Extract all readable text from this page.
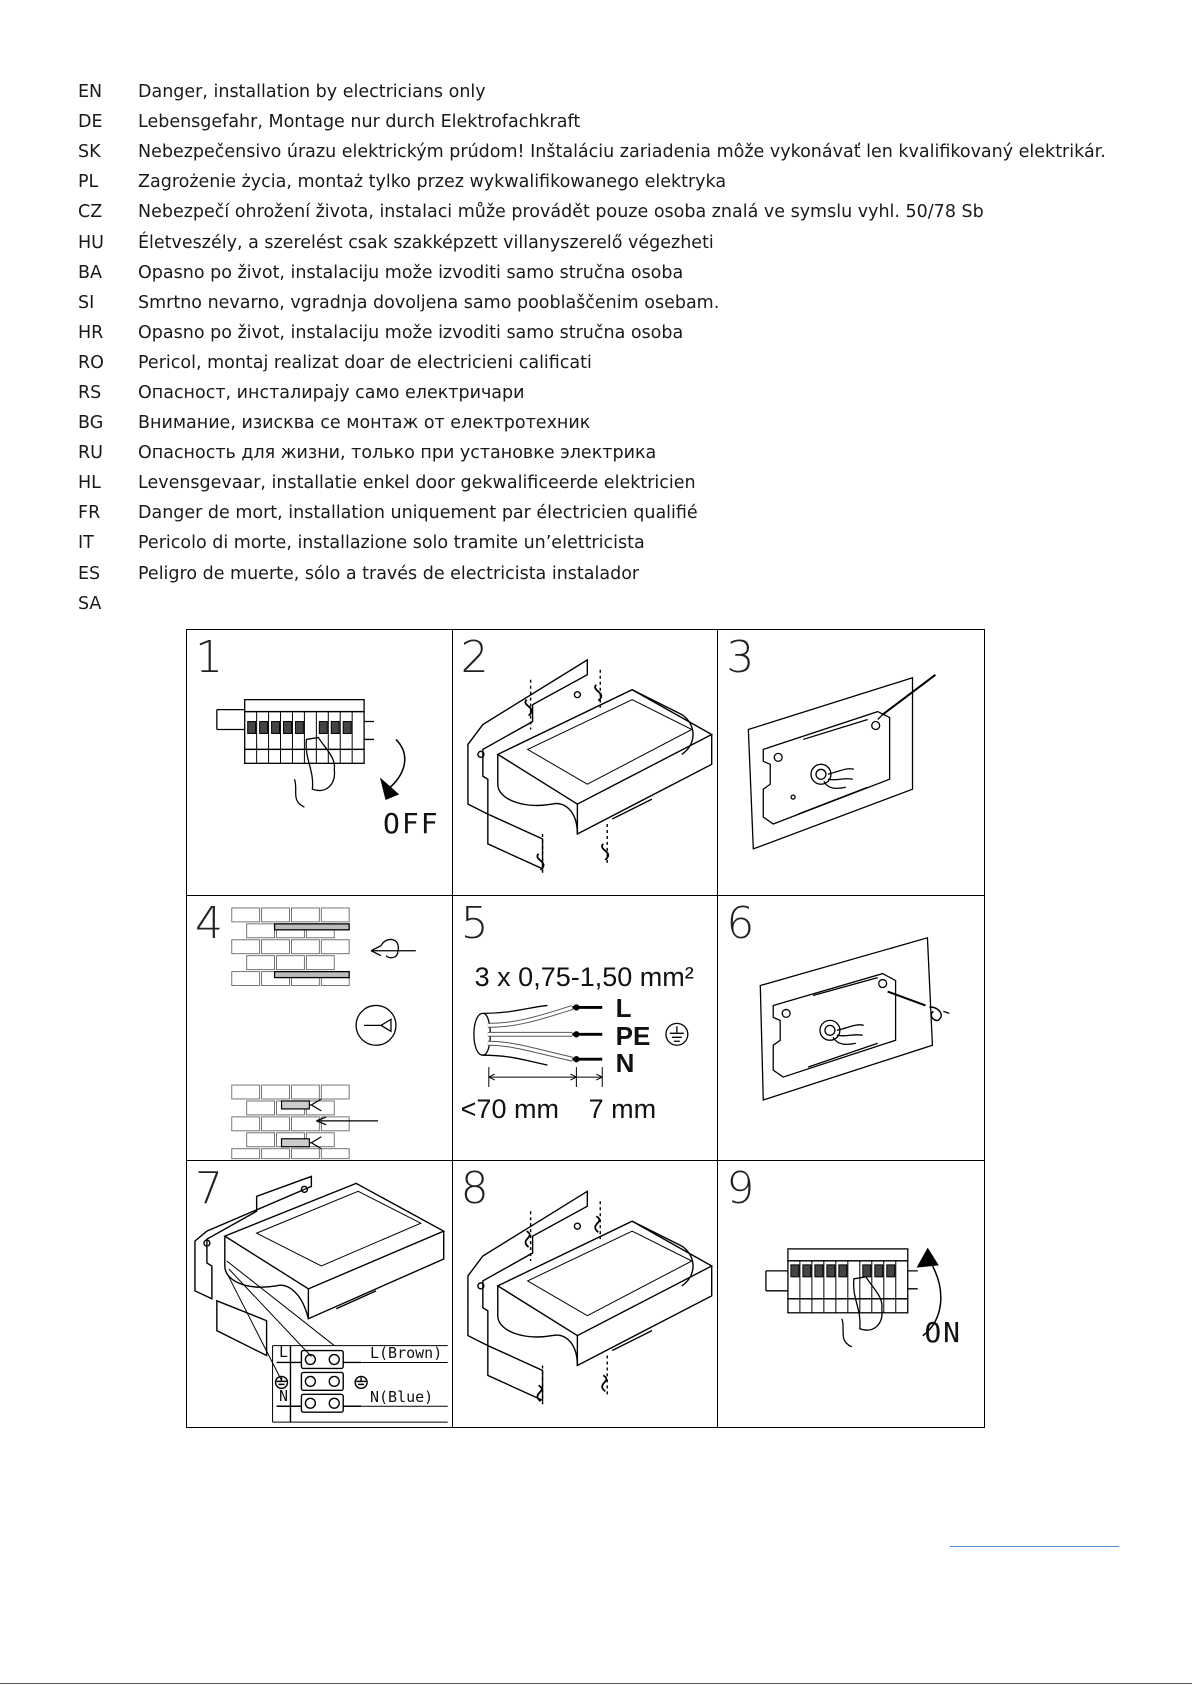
EN	Danger, installation by electricians only
DE	Lebensgefahr, Montage nur durch Elektrofachkraft
SK	Nebezpečensivo úrazu elektrickým prúdom! Inštaláciu zariadenia môže vykonávať len kvalifikovaný elektrikár.
PL	Zagrożenie życia, montaż tylko przez wykwalifikowanego elektryka
CZ	Nebezpečí ohrožení života, instalaci může provádět pouze osoba znalá ve symslu vyhl. 50/78 Sb
HU	Életveszély, a szerelést csak szakképzett villanyszerelő végezheti
BA	Opasno po život, instalaciju može izvoditi samo stručna osoba
SI	Smrtno nevarno, vgradnja dovoljena samo pooblaščenim osebam.
HR	Opasno po život, instalaciju može izvoditi samo stručna osoba
RO	Pericol, montaj realizat doar de electricieni calificati
RS	Опасност, инсталирају само електричари
BG	Внимание, изисква се монтаж от електротехник
RU	Опасность для жизни, только при установке электрика
HL	Levensgevaar, installatie enkel door gekwalificeerde elektricien
FR	Danger de mort, installation uniquement par électricien qualifié
IT	Pericolo di morte, installazione solo tramite un’elettricista
ES	Peligro de muerte, sólo a través de electricista instalador
SA
1
OFF
2	3
4	5
3 x 0,75-1,50 mm²
L
PE
N
<70 mm 7 mm
6
7
L
N
L(Brown)
N(Blue)
8	9
ON
